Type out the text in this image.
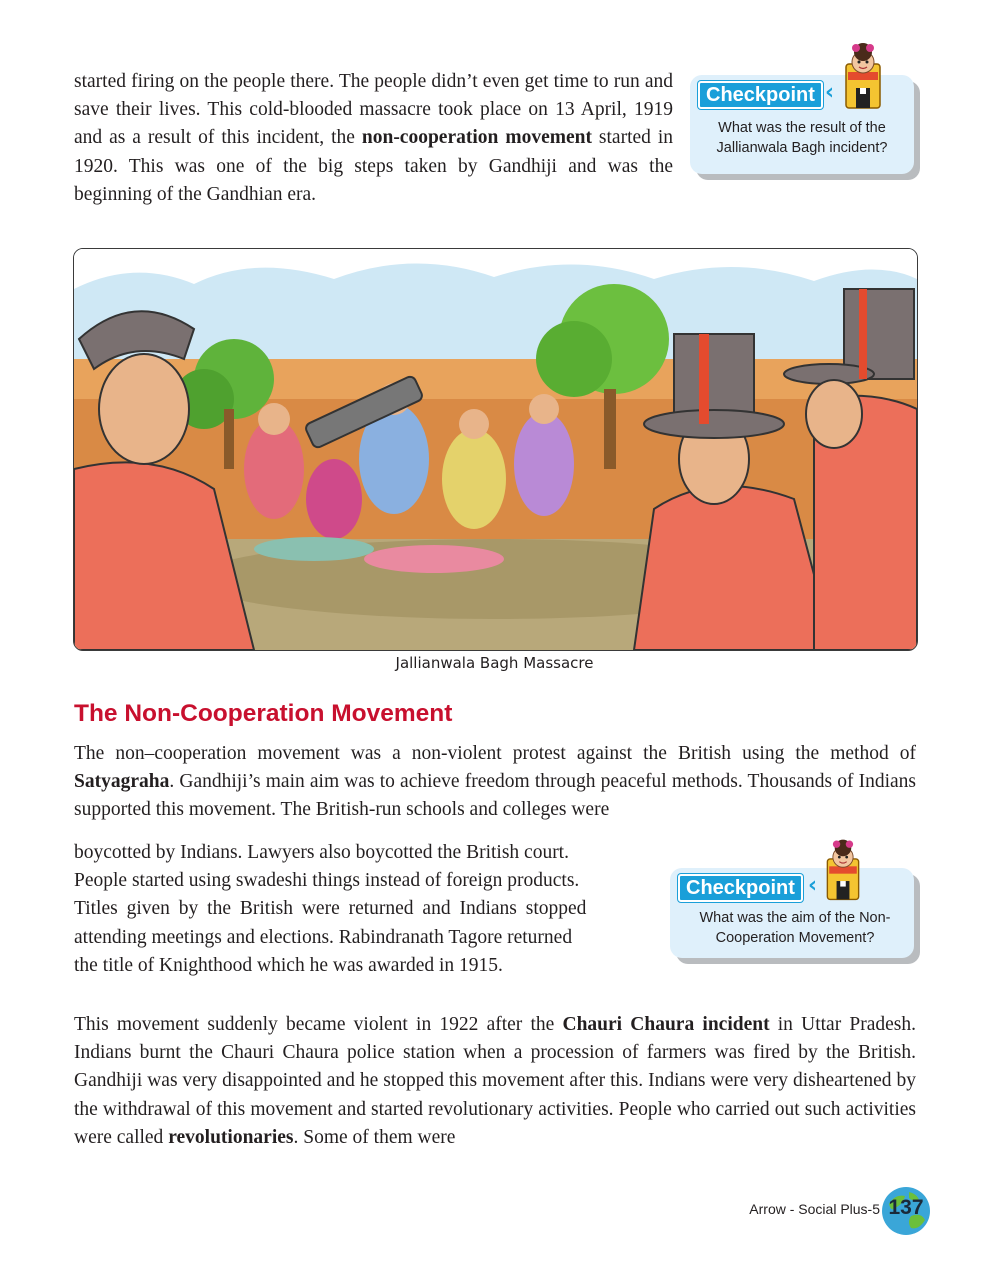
started firing on the people there. The people didn’t even get time to run and save their lives. This cold-blooded massacre took place on 13 April, 1919 and as a result of this incident, the non-cooperation movement started in 1920. This was one of the big steps taken by Gandhiji and was the beginning of the Gandhian era.

Checkpoint ‹
What was the result of the Jallianwala Bagh incident?
Jallianwala Bagh Massacre
The Non-Cooperation Movement

The non–cooperation movement was a non-violent protest against the British using the method of Satyagraha. Gandhiji’s main aim was to achieve freedom through peaceful methods. Thousands of Indians supported this movement. The British-run schools and colleges were

boycotted by Indians. Lawyers also boycotted the British court.
People started using swadeshi things instead of foreign products.
Titles given by the British were returned and Indians stopped
attending meetings and elections. Rabindranath Tagore returned
the title of Knighthood which he was awarded in 1915.
Checkpoint ‹
What was the aim of the Non-Cooperation Movement?

This movement suddenly became violent in 1922 after the Chauri Chaura incident in Uttar Pradesh. Indians burnt the Chauri Chaura police station when a procession of farmers was fired by the British. Gandhiji was very disappointed and he stopped this movement after this. Indians were very disheartened by the withdrawal of this movement and started revolutionary activities. People who carried out such activities were called revolutionaries. Some of them were

Arrow - Social Plus-5 137
